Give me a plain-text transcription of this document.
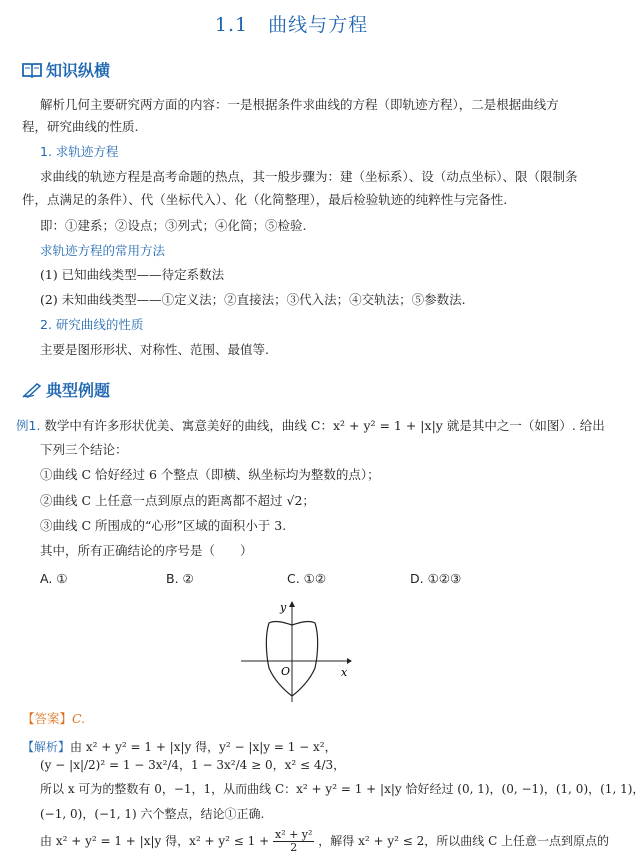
1.1　曲线与方程
知识纵横
解析几何主要研究两方面的内容：一是根据条件求曲线的方程（即轨迹方程），二是根据曲线方
程，研究曲线的性质.
1. 求轨迹方程
求曲线的轨迹方程是高考命题的热点，其一般步骤为：建（坐标系）、设（动点坐标）、限（限制条
件，点满足的条件）、代（坐标代入）、化（化简整理），最后检验轨迹的纯粹性与完备性.
即：①建系；②设点；③列式；④化简；⑤检验.
求轨迹方程的常用方法
(1) 已知曲线类型——待定系数法
(2) 未知曲线类型——①定义法；②直接法；③代入法；④交轨法；⑤参数法.
2. 研究曲线的性质
主要是图形形状、对称性、范围、最值等.
典型例题
例1. 数学中有许多形状优美、寓意美好的曲线，曲线 C：x² + y² = 1 + |x|y 就是其中之一（如图）. 给出
下列三个结论：
①曲线 C 恰好经过 6 个整点（即横、纵坐标均为整数的点）；
②曲线 C 上任意一点到原点的距离都不超过 √2；
③曲线 C 所围成的“心形”区域的面积小于 3.
其中，所有正确结论的序号是（　　）
A. ①	B. ②	C. ①②	D. ①②③
O	x
y
【答案】C.
【解析】由 x² + y² = 1 + |x|y 得，y² − |x|y = 1 − x²，
(y − |x|/2)² = 1 − 3x²/4，1 − 3x²/4 ≥ 0，x² ≤ 4/3，
所以 x 可为的整数有 0，−1，1，从而曲线 C：x² + y² = 1 + |x|y 恰好经过 (0, 1)，(0, −1)，(1, 0)，(1, 1)，
(−1, 0)，(−1, 1) 六个整点，结论①正确.
由 x² + y² = 1 + |x|y 得，$x^2 + y^2 \le 1 + \frac{\text{x² + y²}}{2}$ ，解得 x² + y² ≤ 2，所以曲线 C 上任意一点到原点的
